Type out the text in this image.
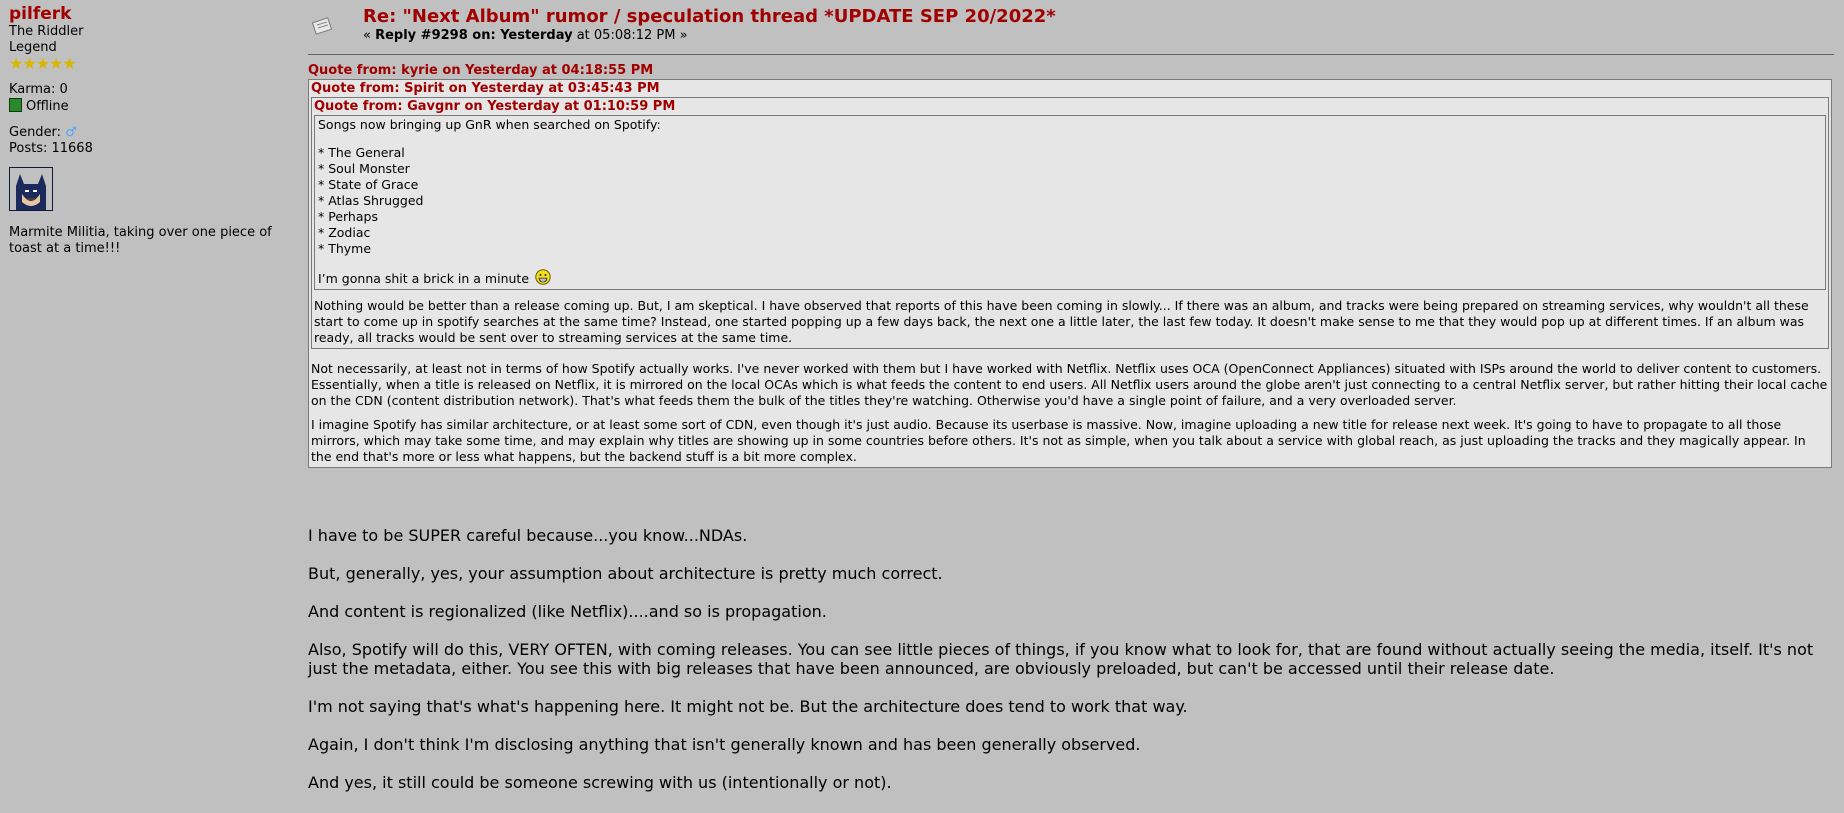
pilferk
The Riddler
Legend
★★★★★
Karma: 0
Offline
Gender: ♂
Posts: 11668
Marmite Militia, taking over one piece of toast at a time!!!
Re: "Next Album" rumor / speculation thread *UPDATE SEP 20/2022*
« Reply #9298 on: Yesterday at 05:08:12 PM »
Quote from: kyrie on Yesterday at 04:18:55 PM
Quote from: Spirit on Yesterday at 03:45:43 PM
Quote from: Gavgnr on Yesterday at 01:10:59 PM

Songs now bringing up GnR when searched on Spotify:

* The General
* Soul Monster
* State of Grace
* Atlas Shrugged
* Perhaps
* Zodiac
* Thyme

I’m gonna shit a brick in a minute

Nothing would be better than a release coming up. But, I am skeptical. I have observed that reports of this have been coming in slowly... If there was an album, and tracks were being prepared on streaming services, why wouldn't all these start to come up in spotify searches at the same time? Instead, one started popping up a few days back, the next one a little later, the last few today. It doesn't make sense to me that they would pop up at different times. If an album was ready, all tracks would be sent over to streaming services at the same time.

Not necessarily, at least not in terms of how Spotify actually works. I've never worked with them but I have worked with Netflix. Netflix uses OCA (OpenConnect Appliances) situated with ISPs around the world to deliver content to customers. Essentially, when a title is released on Netflix, it is mirrored on the local OCAs which is what feeds the content to end users. All Netflix users around the globe aren't just connecting to a central Netflix server, but rather hitting their local cache on the CDN (content distribution network). That's what feeds them the bulk of the titles they're watching. Otherwise you'd have a single point of failure, and a very overloaded server.

I imagine Spotify has similar architecture, or at least some sort of CDN, even though it's just audio. Because its userbase is massive. Now, imagine uploading a new title for release next week. It's going to have to propagate to all those mirrors, which may take some time, and may explain why titles are showing up in some countries before others. It's not as simple, when you talk about a service with global reach, as just uploading the tracks and they magically appear. In the end that's more or less what happens, but the backend stuff is a bit more complex.

I have to be SUPER careful because...you know...NDAs.

But, generally, yes, your assumption about architecture is pretty much correct.

And content is regionalized (like Netflix)....and so is propagation.

Also, Spotify will do this, VERY OFTEN, with coming releases. You can see little pieces of things, if you know what to look for, that are found without actually seeing the media, itself. It's not just the metadata, either. You see this with big releases that have been announced, are obviously preloaded, but can't be accessed until their release date.

I'm not saying that's what's happening here. It might not be. But the architecture does tend to work that way.

Again, I don't think I'm disclosing anything that isn't generally known and has been generally observed.

And yes, it still could be someone screwing with us (intentionally or not).
